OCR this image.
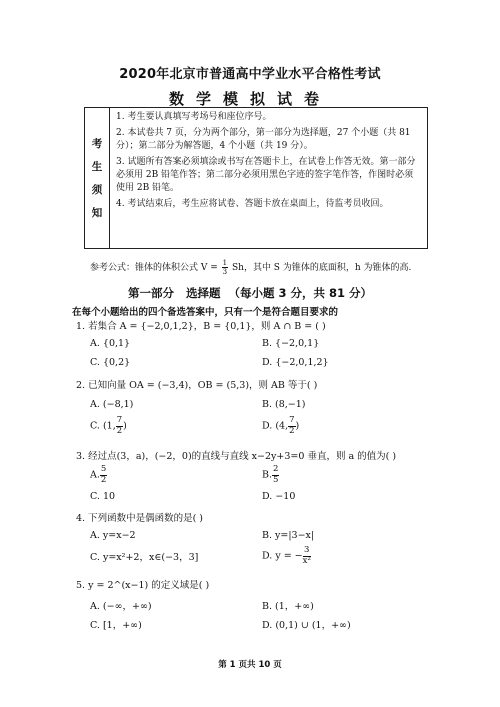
2020年北京市普通高中学业水平合格性考试
数学模拟试卷
考
生
须
知
1. 考生要认真填写考场号和座位序号。
2. 本试卷共 7 页，分为两个部分，第一部分为选择题，27 个小题（共 81 分）；第二部分为解答题，4 个小题（共 19 分）。
3. 试题所有答案必须填涂或书写在答题卡上，在试卷上作答无效。第一部分必须用 2B 铅笔作答；第二部分必须用黑色字迹的签字笔作答，作图时必须使用 2B 铅笔。
4. 考试结束后，考生应将试卷、答题卡放在桌面上，待监考员收回。
参考公式：锥体的体积公式 $V = \frac{1}{3}$ Sh，其中 S 为锥体的底面积，h 为锥体的高.
第一部分   选择题  （每小题 3 分，共 81 分）
在每个小题给出的四个备选答案中，只有一个是符合题目要求的
1. 若集合 A = {−2,0,1,2}，B = {0,1}，则 A ∩ B = ( )
A. {0,1}	B. {−2,0,1}
C. {0,2}	D. {−2,0,1,2}
2. 已知向量 OA = (−3,4)，OB = (5,3)，则 AB 等于( )
A. (−8,1)	B. (8,−1)
C. (1, $\frac{7}{2}$ )	D. (4, $\frac{7}{2}$ )
3. 经过点(3，a)，(−2，0)的直线与直线 x−2y+3=0 垂直，则 a 的值为( )
A. $\frac{5}{2}$	B. $\frac{2}{5}$
C. 10	D. −10
4. 下列函数中是偶函数的是( )
A. y=x−2	B. y=|3−x|
C. y=x²+2，x∈(−3，3]	D. y = − $\frac{3}{\text{x²}}$
5. y = 2^(x−1) 的定义域是( )
A. (−∞，+∞)	B. (1，+∞)
C. [1，+∞)	D. (0,1) ∪ (1，+∞)
第 1 页共 10 页
